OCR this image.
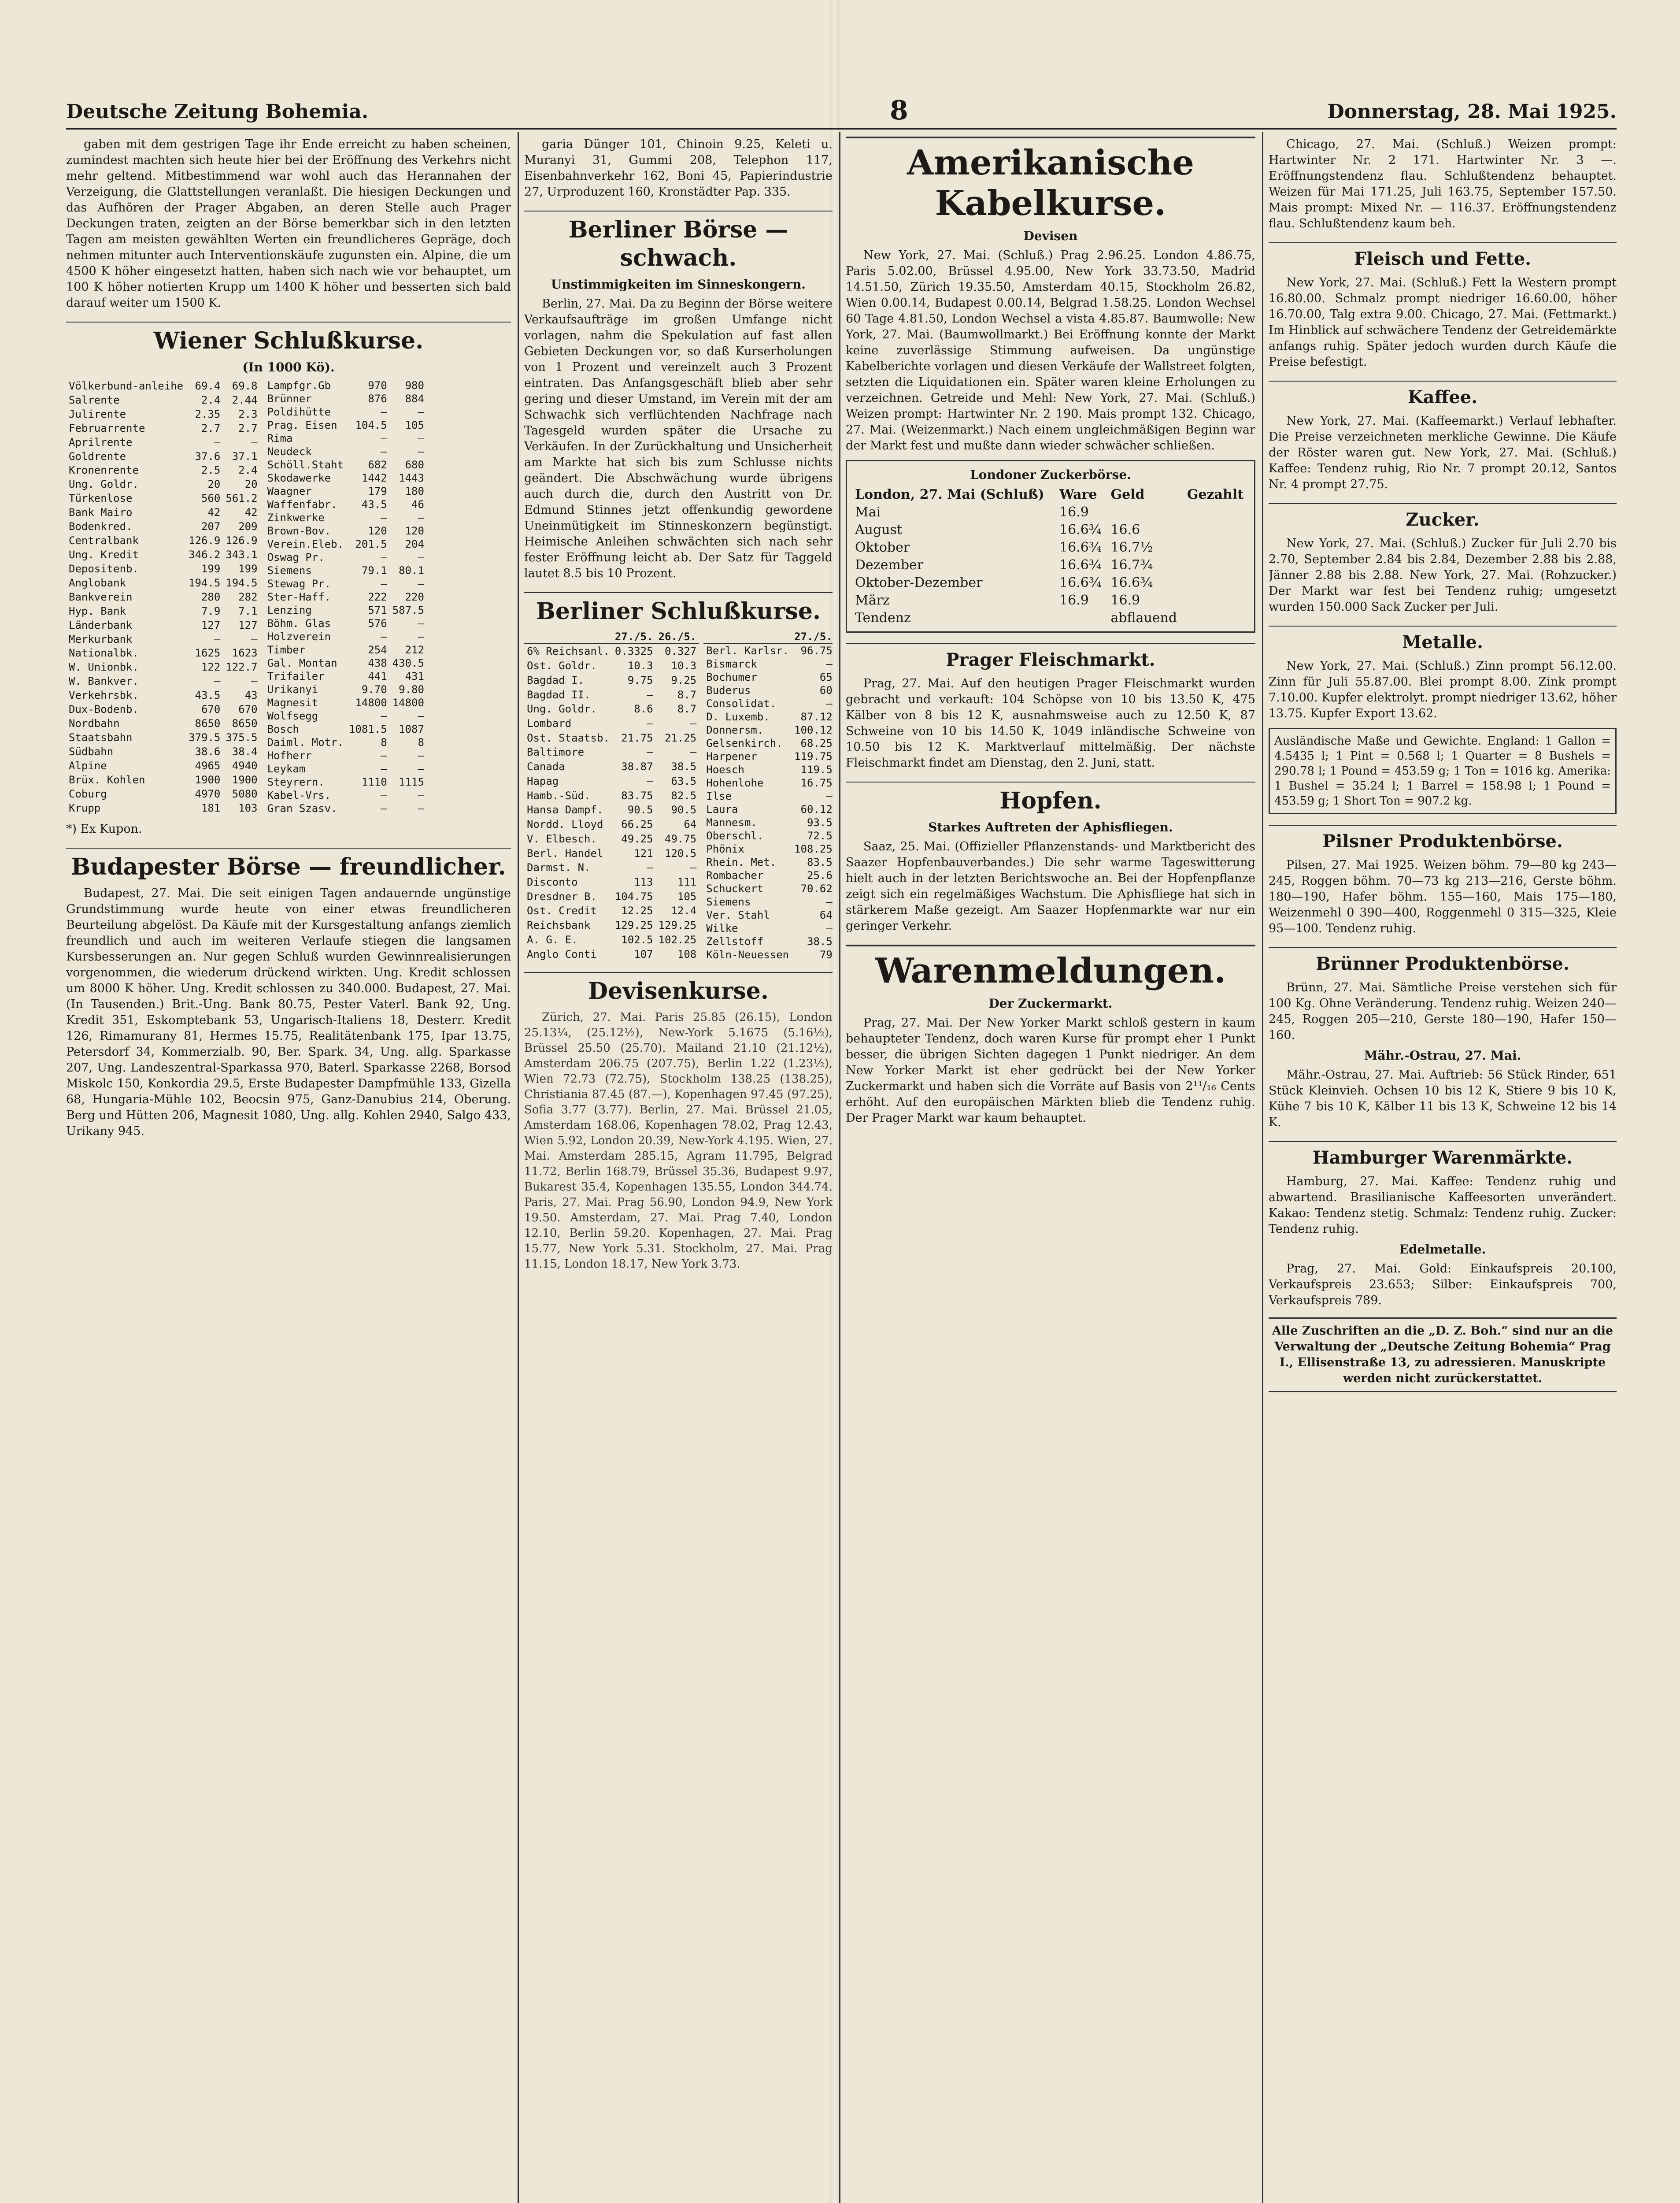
Deutsche Zeitung Bohemia.	8	Donnerstag, 28. Mai 1925.

gaben mit dem gestrigen Tage ihr Ende erreicht zu haben scheinen, zumindest machten sich heute hier bei der Eröffnung des Verkehrs nicht mehr geltend. Mitbestimmend war wohl auch das Herannahen der Verzeigung, die Glattstellungen veranlaßt. Die hiesigen Deckungen und das Aufhören der Prager Abgaben, an deren Stelle auch Prager Deckungen traten, zeigten an der Börse bemerkbar sich in den letzten Tagen am meisten gewählten Werten ein freundlicheres Gepräge, doch nehmen mitunter auch Interventionskäufe zugunsten ein. Alpine, die um 4500 K höher eingesetzt hatten, haben sich nach wie vor behauptet, um 100 K höher notierten Krupp um 1400 K höher und besserten sich bald darauf weiter um 1500 K.

Wiener Schlußkurse.
(In 1000 Kö).
Völkerbund-anleihe	69.4	69.8
Salrente	2.4	2.44
Julirente	2.35	2.3
Februarrente	2.7	2.7
Aprilrente	—	—
Goldrente	37.6	37.1
Kronenrente	2.5	2.4
Ung. Goldr.	20	20
Türkenlose	560	561.2
Bank Mairo	42	42
Bodenkred.	207	209
Centralbank	126.9	126.9
Ung. Kredit	346.2	343.1
Depositenb.	199	199
Anglobank	194.5	194.5
Bankverein	280	282
Hyp. Bank	7.9	7.1
Länderbank	127	127
Merkurbank	—	—
Nationalbk.	1625	1623
W. Unionbk.	122	122.7
W. Bankver.	—	—
Verkehrsbk.	43.5	43
Dux-Bodenb.	670	670
Nordbahn	8650	8650
Staatsbahn	379.5	375.5
Südbahn	38.6	38.4
Alpine	4965	4940
Brüx. Kohlen	1900	1900
Coburg	4970	5080
Krupp	181	103
Lampfgr.Gb	970	980
Brünner	876	884
Poldihütte	—	—
Prag. Eisen	104.5	105
Rima	—	—
Neudeck	—	—
Schöll.Staht	682	680
Skodawerke	1442	1443
Waagner	179	180
Waffenfabr.	43.5	46
Zinkwerke	—	—
Brown-Bov.	120	120
Verein.Eleb.	201.5	204
Oswag Pr.	—	—
Siemens	79.1	80.1
Stewag Pr.	—	—
Ster-Haff.	222	220
Lenzing	571	587.5
Böhm. Glas	576	—
Holzverein	—	—
Timber	254	212
Gal. Montan	438	430.5
Trifailer	441	431
Urikanyi	9.70	9.80
Magnesit	14800	14800
Wolfsegg	—	—
Bosch	1081.5	1087
Daiml. Motr.	8	8
Hofherr	—	—
Leykam	—	—
Steyrern.	1110	1115
Kabel-Vrs.	—	—
Gran Szasv.	—	—
*) Ex Kupon.
Budapester Börse — freundlicher.

Budapest, 27. Mai. Die seit einigen Tagen andauernde ungünstige Grundstimmung wurde heute von einer etwas freundlicheren Beurteilung abgelöst. Da Käufe mit der Kursgestaltung anfangs ziemlich freundlich und auch im weiteren Verlaufe stiegen die langsamen Kursbesserungen an. Nur gegen Schluß wurden Gewinnrealisierungen vorgenommen, die wiederum drückend wirkten. Ung. Kredit schlossen um 8000 K höher. Ung. Kredit schlossen zu 340.000. Budapest, 27. Mai. (In Tausenden.) Brit.-Ung. Bank 80.75, Pester Vaterl. Bank 92, Ung. Kredit 351, Eskomptebank 53, Ungarisch-Italiens 18, Desterr. Kredit 126, Rimamurany 81, Hermes 15.75, Realitätenbank 175, Ipar 13.75, Petersdorf 34, Kommerzialb. 90, Ber. Spark. 34, Ung. allg. Sparkasse 207, Ung. Landeszentral-Sparkassa 970, Baterl. Sparkasse 2268, Borsod Miskolc 150, Konkordia 29.5, Erste Budapester Dampfmühle 133, Gizella 68, Hungaria-Mühle 102, Beocsin 975, Ganz-Danubius 214, Oberung. Berg und Hütten 206, Magnesit 1080, Ung. allg. Kohlen 2940, Salgo 433, Urikany 945.

garia Dünger 101, Chinoin 9.25, Keleti u. Muranyi 31, Gummi 208, Telephon 117, Eisenbahnverkehr 162, Boni 45, Papierindustrie 27, Urproduzent 160, Kronstädter Pap. 335.

Berliner Börse — schwach.
Unstimmigkeiten im Sinneskongern.

Berlin, 27. Mai. Da zu Beginn der Börse weitere Verkaufsaufträge im großen Umfange nicht vorlagen, nahm die Spekulation auf fast allen Gebieten Deckungen vor, so daß Kurserholungen von 1 Prozent und vereinzelt auch 3 Prozent eintraten. Das Anfangsgeschäft blieb aber sehr gering und dieser Umstand, im Verein mit der am Schwachk sich verflüchtenden Nachfrage nach Tagesgeld wurden später die Ursache zu Verkäufen. In der Zurückhaltung und Unsicherheit am Markte hat sich bis zum Schlusse nichts geändert. Die Abschwächung wurde übrigens auch durch die, durch den Austritt von Dr. Edmund Stinnes jetzt offenkundig gewordene Uneinmütigkeit im Stinneskonzern begünstigt. Heimische Anleihen schwächten sich nach sehr fester Eröffnung leicht ab. Der Satz für Taggeld lautet 8.5 bis 10 Prozent.

Berliner Schlußkurse.
	27./5.	26./5.
6% Reichsanl.	0.3325	0.327
Ost. Goldr.	10.3	10.3
Bagdad I.	9.75	9.25
Bagdad II.	—	8.7
Ung. Goldr.	8.6	8.7
Lombard	—	—
Ost. Staatsb.	21.75	21.25
Baltimore	—	—
Canada	38.87	38.5
Hapag	—	63.5
Hamb.-Süd.	83.75	82.5
Hansa Dampf.	90.5	90.5
Nordd. Lloyd	66.25	64
V. Elbesch.	49.25	49.75
Berl. Handel	121	120.5
Darmst. N.	—	—
Disconto	113	111
Dresdner B.	104.75	105
Ost. Credit	12.25	12.4
Reichsbank	129.25	129.25
A. G. E.	102.5	102.25
Anglo Conti	107	108
	27./5.	
Berl. Karlsr.	96.75	
Bismarck	—	
Bochumer	65	
Buderus	60	
Consolidat.	—	
D. Luxemb.	87.12	
Donnersm.	100.12	
Gelsenkirch.	68.25	
Harpener	119.75	
Hoesch	119.5	
Hohenlohe	16.75	
Ilse	—	
Laura	60.12	
Mannesm.	93.5	
Oberschl.	72.5	
Phönix	108.25	
Rhein. Met.	83.5	
Rombacher	25.6	
Schuckert	70.62	
Siemens	—	
Ver. Stahl	64	
Wilke	—	
Zellstoff	38.5	
Köln-Neuessen	79	
Devisenkurse.

Zürich, 27. Mai. Paris 25.85 (26.15), London 25.13¼, (25.12½), New-York 5.1675 (5.16½), Brüssel 25.50 (25.70). Mailand 21.10 (21.12½), Amsterdam 206.75 (207.75), Berlin 1.22 (1.23½), Wien 72.73 (72.75), Stockholm 138.25 (138.25), Christiania 87.45 (87.—), Kopenhagen 97.45 (97.25), Sofia 3.77 (3.77). Berlin, 27. Mai. Brüssel 21.05, Amsterdam 168.06, Kopenhagen 78.02, Prag 12.43, Wien 5.92, London 20.39, New-York 4.195. Wien, 27. Mai. Amsterdam 285.15, Agram 11.795, Belgrad 11.72, Berlin 168.79, Brüssel 35.36, Budapest 9.97, Bukarest 35.4, Kopenhagen 135.55, London 344.74. Paris, 27. Mai. Prag 56.90, London 94.9, New York 19.50. Amsterdam, 27. Mai. Prag 7.40, London 12.10, Berlin 59.20. Kopenhagen, 27. Mai. Prag 15.77, New York 5.31. Stockholm, 27. Mai. Prag 11.15, London 18.17, New York 3.73.

Amerikanische Kabelkurse.
Devisen

New York, 27. Mai. (Schluß.) Prag 2.96.25. London 4.86.75, Paris 5.02.00, Brüssel 4.95.00, New York 33.73.50, Madrid 14.51.50, Zürich 19.35.50, Amsterdam 40.15, Stockholm 26.82, Wien 0.00.14, Budapest 0.00.14, Belgrad 1.58.25. London Wechsel 60 Tage 4.81.50, London Wechsel a vista 4.85.87. Baumwolle: New York, 27. Mai. (Baumwollmarkt.) Bei Eröffnung konnte der Markt keine zuverlässige Stimmung aufweisen. Da ungünstige Kabelberichte vorlagen und diesen Verkäufe der Wallstreet folgten, setzten die Liquidationen ein. Später waren kleine Erholungen zu verzeichnen. Getreide und Mehl: New York, 27. Mai. (Schluß.) Weizen prompt: Hartwinter Nr. 2 190. Mais prompt 132. Chicago, 27. Mai. (Weizenmarkt.) Nach einem ungleichmäßigen Beginn war der Markt fest und mußte dann wieder schwächer schließen.

Londoner Zuckerbörse.
London, 27. Mai (Schluß)	Ware	Geld	Gezahlt
Mai	16.9		
August	16.6¾	16.6	
Oktober	16.6¾	16.7½	
Dezember	16.6¾	16.7¾	
Oktober-Dezember	16.6¾	16.6¾	
März	16.9	16.9	
Tendenz		abflauend	
Prager Fleischmarkt.

Prag, 27. Mai. Auf den heutigen Prager Fleischmarkt wurden gebracht und verkauft: 104 Schöpse von 10 bis 13.50 K, 475 Kälber von 8 bis 12 K, ausnahmsweise auch zu 12.50 K, 87 Schweine von 10 bis 14.50 K, 1049 inländische Schweine von 10.50 bis 12 K. Marktverlauf mittelmäßig. Der nächste Fleischmarkt findet am Dienstag, den 2. Juni, statt.

Hopfen.
Starkes Auftreten der Aphisfliegen.

Saaz, 25. Mai. (Offizieller Pflanzenstands- und Marktbericht des Saazer Hopfenbauverbandes.) Die sehr warme Tageswitterung hielt auch in der letzten Berichtswoche an. Bei der Hopfenpflanze zeigt sich ein regelmäßiges Wachstum. Die Aphisfliege hat sich in stärkerem Maße gezeigt. Am Saazer Hopfenmarkte war nur ein geringer Verkehr.

Warenmeldungen.
Der Zuckermarkt.

Prag, 27. Mai. Der New Yorker Markt schloß gestern in kaum behaupteter Tendenz, doch waren Kurse für prompt eher 1 Punkt besser, die übrigen Sichten dagegen 1 Punkt niedriger. An dem New Yorker Markt ist eher gedrückt bei der New Yorker Zuckermarkt und haben sich die Vorräte auf Basis von 2¹¹/₁₆ Cents erhöht. Auf den europäischen Märkten blieb die Tendenz ruhig. Der Prager Markt war kaum behauptet.

Chicago, 27. Mai. (Schluß.) Weizen prompt: Hartwinter Nr. 2 171. Hartwinter Nr. 3 —. Eröffnungstendenz flau. Schlußtendenz behauptet. Weizen für Mai 171.25, Juli 163.75, September 157.50. Mais prompt: Mixed Nr. — 116.37. Eröffnungstendenz flau. Schlußtendenz kaum beh.

Fleisch und Fette.

New York, 27. Mai. (Schluß.) Fett la Western prompt 16.80.00. Schmalz prompt niedriger 16.60.00, höher 16.70.00, Talg extra 9.00. Chicago, 27. Mai. (Fettmarkt.) Im Hinblick auf schwächere Tendenz der Getreidemärkte anfangs ruhig. Später jedoch wurden durch Käufe die Preise befestigt.

Kaffee.

New York, 27. Mai. (Kaffeemarkt.) Verlauf lebhafter. Die Preise verzeichneten merkliche Gewinne. Die Käufe der Röster waren gut. New York, 27. Mai. (Schluß.) Kaffee: Tendenz ruhig, Rio Nr. 7 prompt 20.12, Santos Nr. 4 prompt 27.75.

Zucker.

New York, 27. Mai. (Schluß.) Zucker für Juli 2.70 bis 2.70, September 2.84 bis 2.84, Dezember 2.88 bis 2.88, Jänner 2.88 bis 2.88. New York, 27. Mai. (Rohzucker.) Der Markt war fest bei Tendenz ruhig; umgesetzt wurden 150.000 Sack Zucker per Juli.

Metalle.

New York, 27. Mai. (Schluß.) Zinn prompt 56.12.00. Zinn für Juli 55.87.00. Blei prompt 8.00. Zink prompt 7.10.00. Kupfer elektrolyt. prompt niedriger 13.62, höher 13.75. Kupfer Export 13.62.

Ausländische Maße und Gewichte. England: 1 Gallon = 4.5435 l; 1 Pint = 0.568 l; 1 Quarter = 8 Bushels = 290.78 l; 1 Pound = 453.59 g; 1 Ton = 1016 kg. Amerika: 1 Bushel = 35.24 l; 1 Barrel = 158.98 l; 1 Pound = 453.59 g; 1 Short Ton = 907.2 kg.
Pilsner Produktenbörse.

Pilsen, 27. Mai 1925. Weizen böhm. 79—80 kg 243—245, Roggen böhm. 70—73 kg 213—216, Gerste böhm. 180—190, Hafer böhm. 155—160, Mais 175—180, Weizenmehl 0 390—400, Roggenmehl 0 315—325, Kleie 95—100. Tendenz ruhig.

Brünner Produktenbörse.

Brünn, 27. Mai. Sämtliche Preise verstehen sich für 100 Kg. Ohne Veränderung. Tendenz ruhig. Weizen 240—245, Roggen 205—210, Gerste 180—190, Hafer 150—160.

Mähr.-Ostrau, 27. Mai.

Mähr.-Ostrau, 27. Mai. Auftrieb: 56 Stück Rinder, 651 Stück Kleinvieh. Ochsen 10 bis 12 K, Stiere 9 bis 10 K, Kühe 7 bis 10 K, Kälber 11 bis 13 K, Schweine 12 bis 14 K.

Hamburger Warenmärkte.

Hamburg, 27. Mai. Kaffee: Tendenz ruhig und abwartend. Brasilianische Kaffeesorten unverändert. Kakao: Tendenz stetig. Schmalz: Tendenz ruhig. Zucker: Tendenz ruhig.

Edelmetalle.

Prag, 27. Mai. Gold: Einkaufspreis 20.100, Verkaufspreis 23.653; Silber: Einkaufspreis 700, Verkaufspreis 789.

Alle Zuschriften an die „D. Z. Boh.“ sind nur an die Verwaltung der „Deutsche Zeitung Bohemia“ Prag I., Ellisenstraße 13, zu adressieren. Manuskripte werden nicht zurückerstattet.
